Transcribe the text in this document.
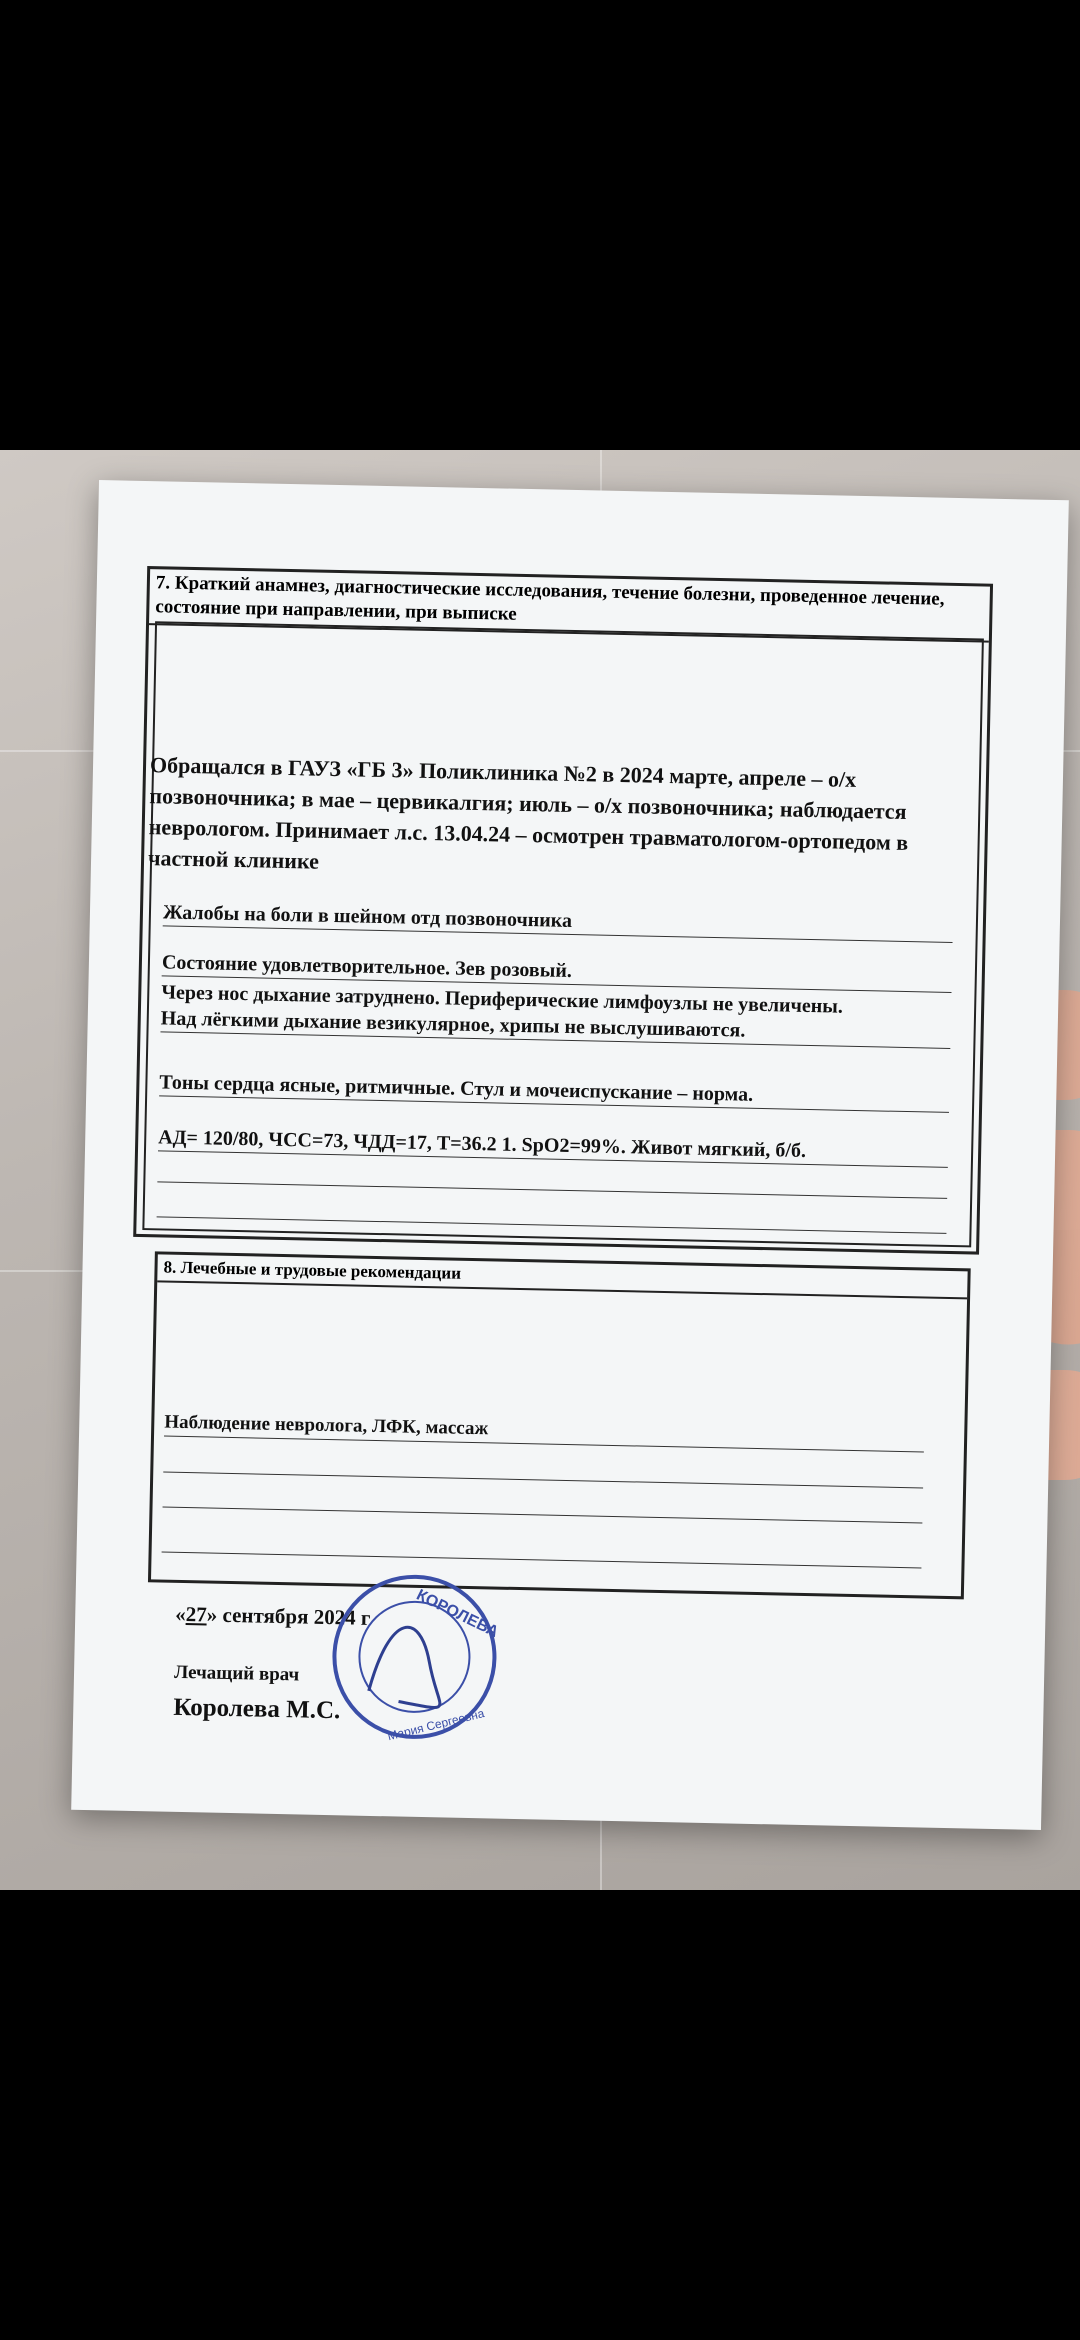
7. Краткий анамнез, диагностические исследования, течение болезни, проведенное лечение, состояние при направлении, при выписке
Обращался в ГАУЗ «ГБ 3» Поликлиника №2 в 2024 марте, апреле – о/х позвоночника; в мае – цервикалгия; июль – о/х позвоночника; наблюдается неврологом. Принимает л.с. 13.04.24 – осмотрен травматологом-ортопедом в частной клинике
Жалобы на боли в шейном отд позвоночника
Состояние удовлетворительное. Зев розовый.
Через нос дыхание затруднено. Периферические лимфоузлы не увеличены.
Над лёгкими дыхание везикулярное, хрипы не выслушиваются.
Тоны сердца ясные, ритмичные. Стул и мочеиспускание – норма.
АД= 120/80, ЧСС=73, ЧДД=17, Т=36.2 1. SpO2=99%. Живот мягкий, б/б.
8. Лечебные и трудовые рекомендации
Наблюдение невролога, ЛФК, массаж
«27» сентября 2024 г
Лечащий врач
Королева М.С.
КОРОЛЕВА
Мария Сергеевна
